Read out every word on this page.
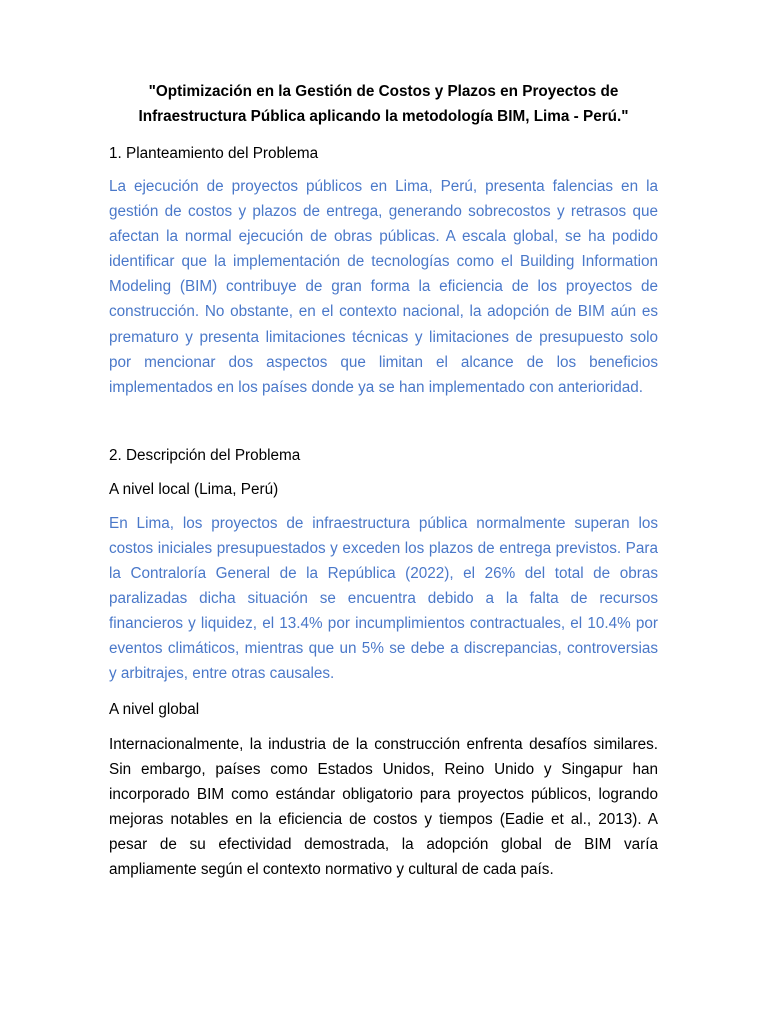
"Optimización en la Gestión de Costos y Plazos en Proyectos de
Infraestructura Pública aplicando la metodología BIM, Lima - Perú."

1. Planteamiento del Problema

La ejecución de proyectos públicos en Lima, Perú, presenta falencias en la gestión de costos y plazos de entrega, generando sobrecostos y retrasos que afectan la normal ejecución de obras públicas. A escala global, se ha podido identificar que la implementación de tecnologías como el Building Information Modeling (BIM) contribuye de gran forma la eficiencia de los proyectos de construcción. No obstante, en el contexto nacional, la adopción de BIM aún es prematuro y presenta limitaciones técnicas y limitaciones de presupuesto solo por mencionar dos aspectos que limitan el alcance de los beneficios implementados en los países donde ya se han implementado con anterioridad.

2. Descripción del Problema

A nivel local (Lima, Perú)

En Lima, los proyectos de infraestructura pública normalmente superan los costos iniciales presupuestados y exceden los plazos de entrega previstos. Para la Contraloría General de la República (2022), el 26% del total de obras paralizadas dicha situación se encuentra debido a la falta de recursos financieros y liquidez, el 13.4% por incumplimientos contractuales, el 10.4% por eventos climáticos, mientras que un 5% se debe a discrepancias, controversias y arbitrajes, entre otras causales.

A nivel global

Internacionalmente, la industria de la construcción enfrenta desafíos similares. Sin embargo, países como Estados Unidos, Reino Unido y Singapur han incorporado BIM como estándar obligatorio para proyectos públicos, logrando mejoras notables en la eficiencia de costos y tiempos (Eadie et al., 2013). A pesar de su efectividad demostrada, la adopción global de BIM varía ampliamente según el contexto normativo y cultural de cada país.
